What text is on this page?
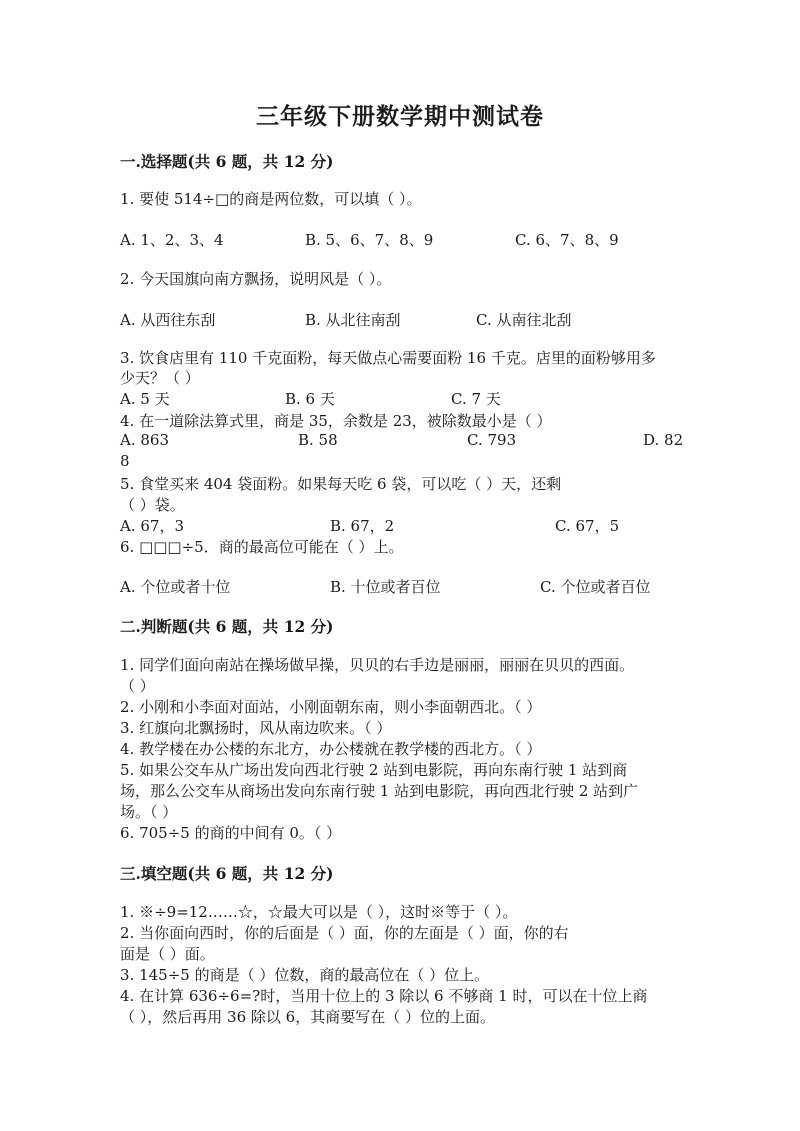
三年级下册数学期中测试卷
一.选择题(共 6 题，共 12 分)
1. 要使 514÷□的商是两位数，可以填（ ）。
A. 1、2、3、4	B. 5、6、7、8、9	C. 6、7、8、9
2. 今天国旗向南方飘扬，说明风是（ ）。
A. 从西往东刮	B. 从北往南刮	C. 从南往北刮
3. 饮食店里有 110 千克面粉，每天做点心需要面粉 16 千克。店里的面粉够用多
少天？（ ）
A. 5 天	B. 6 天	C. 7 天
4. 在一道除法算式里，商是 35，余数是 23，被除数最小是（ ）
A. 863	B. 58	C. 793	D. 82
8
5. 食堂买来 404 袋面粉。如果每天吃 6 袋，可以吃（ ）天，还剩
（ ）袋。
A. 67，3	B. 67，2	C. 67，5
6. □□□÷5．商的最高位可能在（ ）上。
A. 个位或者十位	B. 十位或者百位	C. 个位或者百位
二.判断题(共 6 题，共 12 分)
1. 同学们面向南站在操场做早操，贝贝的右手边是丽丽，丽丽在贝贝的西面。
（ ）
2. 小刚和小李面对面站，小刚面朝东南，则小李面朝西北。（ ）
3. 红旗向北飘扬时，风从南边吹来。（ ）
4. 教学楼在办公楼的东北方，办公楼就在教学楼的西北方。（ ）
5. 如果公交车从广场出发向西北行驶 2 站到电影院，再向东南行驶 1 站到商
场，那么公交车从商场出发向东南行驶 1 站到电影院，再向西北行驶 2 站到广
场。（ ）
6. 705÷5 的商的中间有 0。（ ）
三.填空题(共 6 题，共 12 分)
1. ※÷9=12……☆，☆最大可以是（ ），这时※等于（ ）。
2. 当你面向西时，你的后面是（ ）面，你的左面是（ ）面，你的右
面是（ ）面。
3. 145÷5 的商是（ ）位数，商的最高位在（ ）位上。
4. 在计算 636÷6=?时，当用十位上的 3 除以 6 不够商 1 时，可以在十位上商
（ ），然后再用 36 除以 6，其商要写在（ ）位的上面。
